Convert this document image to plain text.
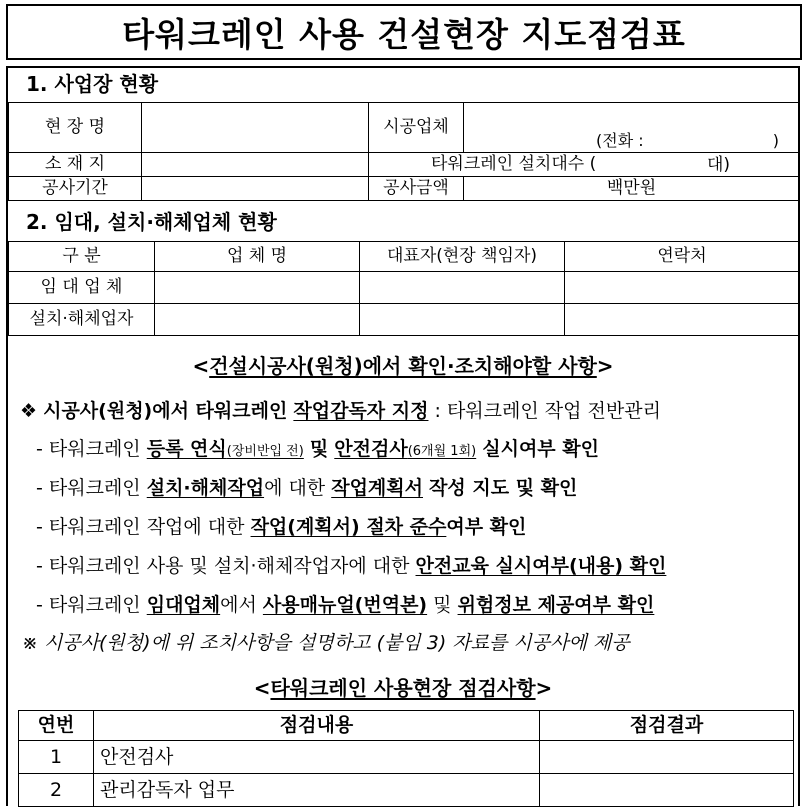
타워크레인 사용 건설현장 지도점검표
1. 사업장 현황
현 장 명		시공업체	(전화 : )

소 재 지		타워크레인 설치대수 ( 대)	

공사기간		공사금액	백만원
2. 임대, 설치·해체업체 현황
구 분	업 체 명	대표자(현장 책임자)	연락처
임 대 업 체			
설치·해체업자			
<건설시공사(원청)에서 확인·조치해야할 사항>
❖ 시공사(원청)에서 타워크레인 작업감독자 지정 : 타워크레인 작업 전반관리
- 타워크레인 등록 연식(장비반입 전) 및 안전검사(6개월 1회) 실시여부 확인
- 타워크레인 설치·해체작업에 대한 작업계획서 작성 지도 및 확인
- 타워크레인 작업에 대한 작업(계획서) 절차 준수여부 확인
- 타워크레인 사용 및 설치·해체작업자에 대한 안전교육 실시여부(내용) 확인
- 타워크레인 임대업체에서 사용매뉴얼(번역본) 및 위험정보 제공여부 확인
※ 시공사(원청)에 위 조치사항을 설명하고 (붙임 3) 자료를 시공사에 제공
<타워크레인 사용현장 점검사항>
연번	점검내용	점검결과
1	안전검사	
2	관리감독자 업무	
